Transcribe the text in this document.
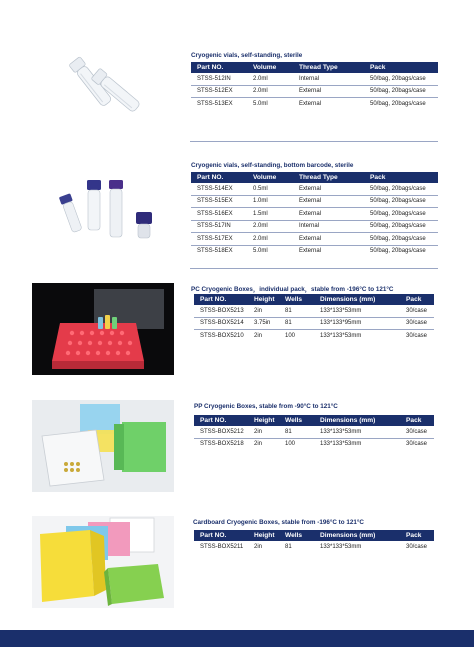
Cryogenic vials, self-standing, sterile
Part NO.	Volume	Thread Type	Pack
STSS-512IN	2.0ml	Internal	50/bag, 20bags/case
STSS-512EX	2.0ml	External	50/bag, 20bags/case
STSS-513EX	5.0ml	External	50/bag, 20bags/case
Cryogenic vials, self-standing, bottom barcode, sterile
Part NO.	Volume	Thread Type	Pack
STSS-514EX	0.5ml	External	50/bag, 20bags/case
STSS-515EX	1.0ml	External	50/bag, 20bags/case
STSS-516EX	1.5ml	External	50/bag, 20bags/case
STSS-517IN	2.0ml	Internal	50/bag, 20bags/case
STSS-517EX	2.0ml	External	50/bag, 20bags/case
STSS-518EX	5.0ml	External	50/bag, 20bags/case
PC Cryogenic Boxes，individual pack，stable from -196°C to 121°C
Part NO.	Height	Wells	Dimensions (mm)	Pack
STSS-BOX5213	2in	81	133*133*53mm	30/case
STSS-BOX5214	3.75in	81	133*133*95mm	30/case
STSS-BOX5210	2in	100	133*133*53mm	30/case
PP Cryogenic Boxes, stable from -90°C to 121°C
Part NO.	Height	Wells	Dimensions (mm)	Pack
STSS-BOX5212	2in	81	133*133*53mm	30/case
STSS-BOX5218	2in	100	133*133*53mm	30/case
Cardboard Cryogenic Boxes, stable from -196°C to 121°C
Part NO.	Height	Wells	Dimensions (mm)	Pack
STSS-BOX5211	2in	81	133*133*53mm	30/case
